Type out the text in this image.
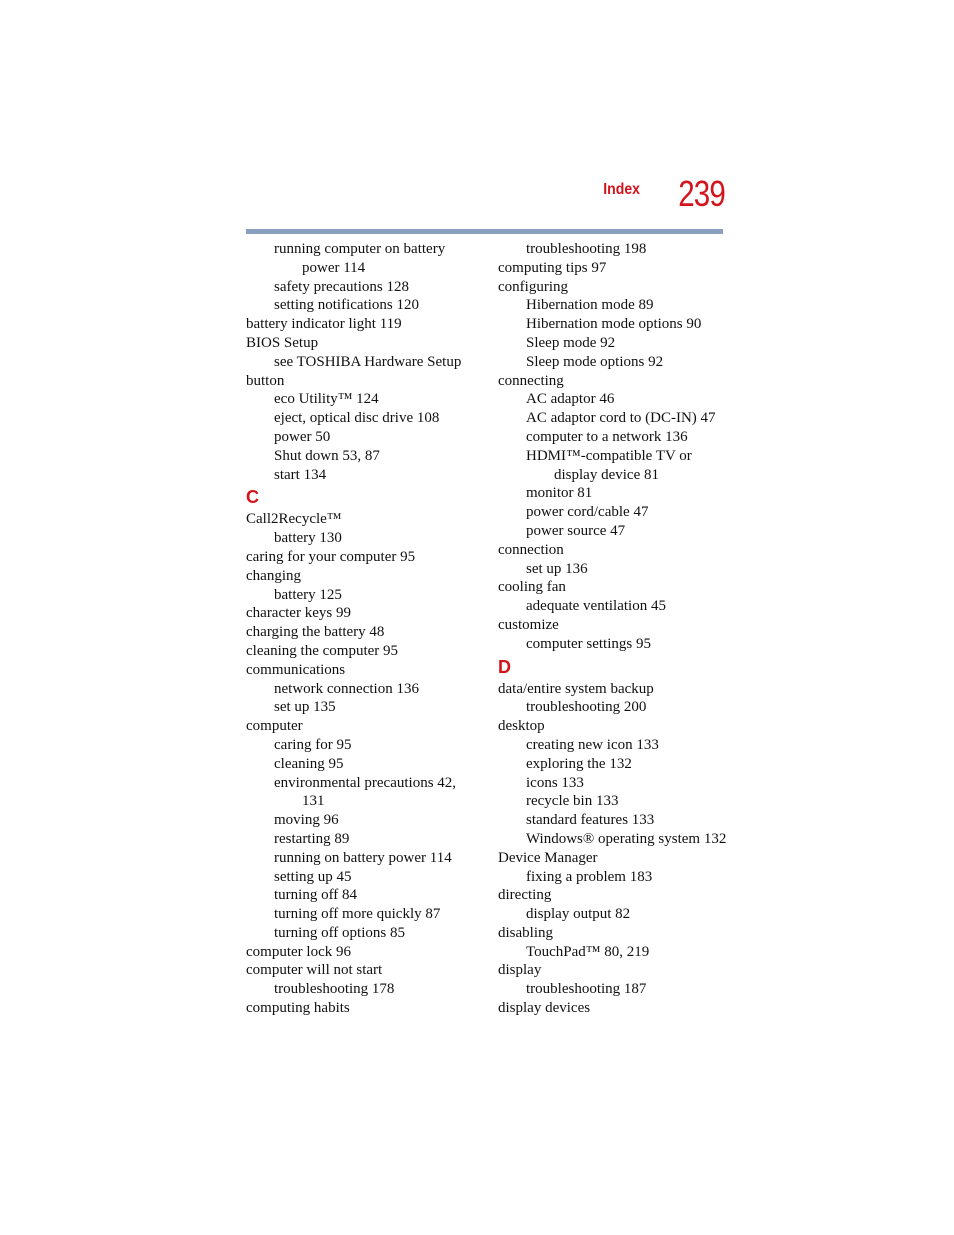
Index 239
running computer on battery
power 114
safety precautions 128
setting notifications 120
battery indicator light 119
BIOS Setup
see TOSHIBA Hardware Setup
button
eco Utility™ 124
eject, optical disc drive 108
power 50
Shut down 53, 87
start 134
C
Call2Recycle™
battery 130
caring for your computer 95
changing
battery 125
character keys 99
charging the battery 48
cleaning the computer 95
communications
network connection 136
set up 135
computer
caring for 95
cleaning 95
environmental precautions 42,
131
moving 96
restarting 89
running on battery power 114
setting up 45
turning off 84
turning off more quickly 87
turning off options 85
computer lock 96
computer will not start
troubleshooting 178
computing habits
troubleshooting 198
computing tips 97
configuring
Hibernation mode 89
Hibernation mode options 90
Sleep mode 92
Sleep mode options 92
connecting
AC adaptor 46
AC adaptor cord to (DC-IN) 47
computer to a network 136
HDMI™-compatible TV or
display device 81
monitor 81
power cord/cable 47
power source 47
connection
set up 136
cooling fan
adequate ventilation 45
customize
computer settings 95
D
data/entire system backup
troubleshooting 200
desktop
creating new icon 133
exploring the 132
icons 133
recycle bin 133
standard features 133
Windows® operating system 132
Device Manager
fixing a problem 183
directing
display output 82
disabling
TouchPad™ 80, 219
display
troubleshooting 187
display devices
